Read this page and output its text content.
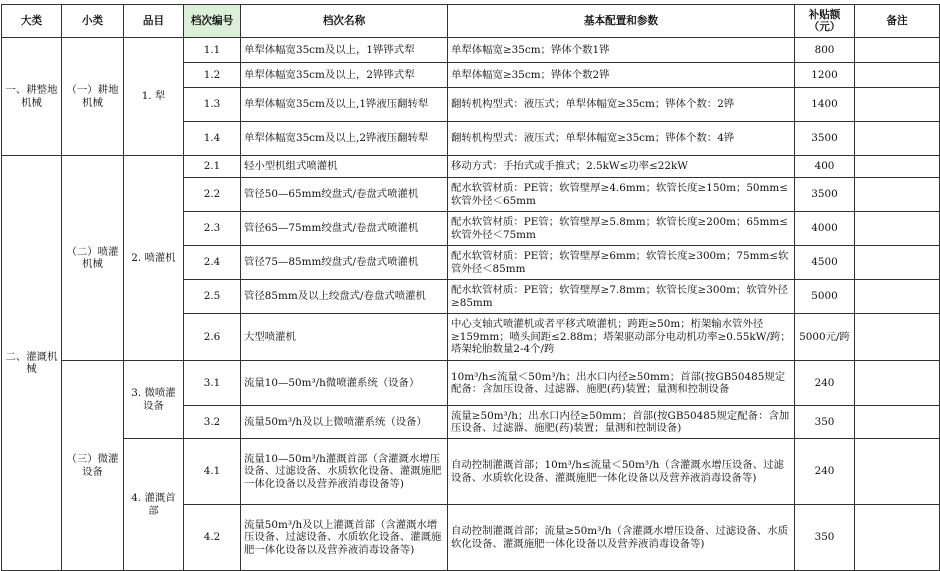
大类	小类	品目	档次编号	档次名称	基本配置和参数	补贴额（元）	备注
一、耕整地机械	（一）耕地机械	1. 犁	1.1	单犁体幅宽35cm及以上，1铧铧式犁	单犁体幅宽≥35cm；铧体个数1铧	800	
			1.2	单犁体幅宽35cm及以上，2铧铧式犁	单犁体幅宽≥35cm；铧体个数2铧	1200	
			1.3	单犁体幅宽35cm及以上,1铧液压翻转犁	翻转机构型式：液压式；单犁体幅宽≥35cm；铧体个数：2铧	1400	
			1.4	单犁体幅宽35cm及以上,2铧液压翻转犁	翻转机构型式：液压式；单犁体幅宽≥35cm；铧体个数：4铧	3500	
二、灌溉机械	（二）喷灌机械	2. 喷灌机	2.1	轻小型机组式喷灌机	移动方式：手抬式或手推式；2.5kW≤功率≤22kW	400	
			2.2	管径50—65mm绞盘式/卷盘式喷灌机	配水软管材质：PE管；软管壁厚≥4.6mm；软管长度≥150m；50mm≤软管外径＜65mm	3500	
			2.3	管径65—75mm绞盘式/卷盘式喷灌机	配水软管材质：PE管；软管壁厚≥5.8mm；软管长度≥200m；65mm≤软管外径＜75mm	4000	
			2.4	管径75—85mm绞盘式/卷盘式喷灌机	配水软管材质：PE管；软管壁厚≥6mm；软管长度≥300m；75mm≤软管外径＜85mm	4500	
			2.5	管径85mm及以上绞盘式/卷盘式喷灌机	配水软管材质：PE管；软管壁厚≥7.8mm；软管长度≥300m；软管外径≥85mm	5000	
			2.6	大型喷灌机	中心支轴式喷灌机或者平移式喷灌机；跨距≥50m；桁架输水管外径≥159mm；喷头间距≤2.88m；塔架驱动部分电动机功率≥0.55kW/跨；塔架轮胎数量2-4个/跨	5000元/跨	
	（三）微灌设备	3. 微喷灌设备	3.1	流量10—50m³/h微喷灌系统（设备）	10m³/h≤流量＜50m³/h；出水口内径≥50mm；首部(按GB50485规定配备：含加压设备、过滤器、施肥(药)装置；量测和控制设备	240	
			3.2	流量50m³/h及以上微喷灌系统（设备）	流量≥50m³/h；出水口内径≥50mm；首部(按GB50485规定配备：含加压设备、过滤器、施肥(药)装置；量测和控制设备)	350	
		4. 灌溉首部	4.1	流量10—50m³/h灌溉首部（含灌溉水增压设备、过滤设备、水质软化设备、灌溉施肥一体化设备以及营养液消毒设备等)	自动控制灌溉首部；10m³/h≤流量＜50m³/h（含灌溉水增压设备、过滤设备、水质软化设备、灌溉施肥一体化设备以及营养液消毒设备等)	240	
			4.2	流量50m³/h及以上灌溉首部（含灌溉水增压设备、过滤设备、水质软化设备、灌溉施肥一体化设备以及营养液消毒设备等)	自动控制灌溉首部；流量≥50m³/h（含灌溉水增压设备、过滤设备、水质软化设备、灌溉施肥一体化设备以及营养液消毒设备等)	350	
